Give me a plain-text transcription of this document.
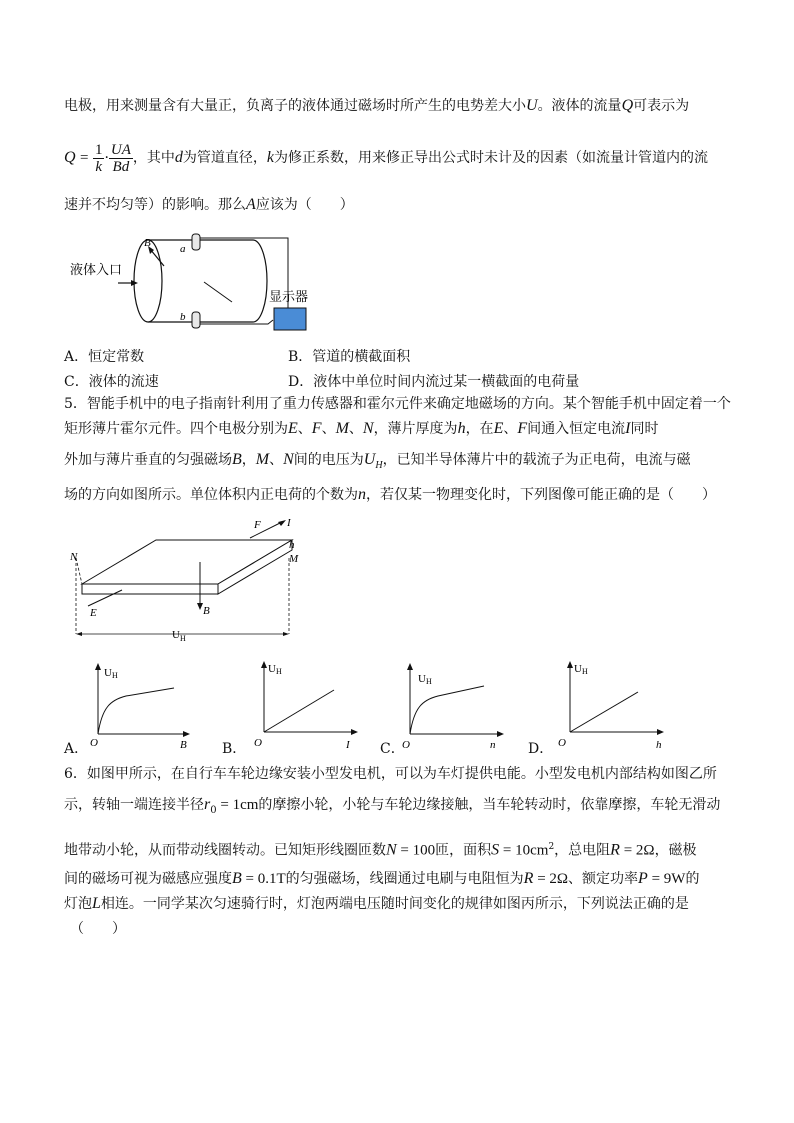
电极，用来测量含有大量正，负离子的液体通过磁场时所产生的电势差大小U。液体的流量Q可表示为
$Q = \frac{1}{k} \cdot \frac{UA}{Bd}$ ，其中d为管道直径，k为修正系数，用来修正导出公式时未计及的因素（如流量计管道内的流
速并不均匀等）的影响。那么A应该为（　　）
液体入口
B	a
b
显示器
A．恒定常数	B．管道的横截面积
C．液体的流速	D．液体中单位时间内流过某一横截面的电荷量
5．智能手机中的电子指南针利用了重力传感器和霍尔元件来确定地磁场的方向。某个智能手机中固定着一个
矩形薄片霍尔元件。四个电极分别为E、F、M、N，薄片厚度为h，在E、F间通入恒定电流I同时
外加与薄片垂直的匀强磁场B，M、N间的电压为$U_H$，已知半导体薄片中的载流子为正电荷，电流与磁
场的方向如图所示。单位体积内正电荷的个数为n，若仅某一物理变化时，下列图像可能正确的是（　　）
F I
h
N	M
E	B
$U_H$
A．
UH
O	B	B．
UH
O	I C．
UH
O	n D．
UH
O	h
6．如图甲所示，在自行车车轮边缘安装小型发电机，可以为车灯提供电能。小型发电机内部结构如图乙所
示，转轴一端连接半径$r_0 = 1cm$的摩擦小轮，小轮与车轮边缘接触，当车轮转动时，依靠摩擦，车轮无滑动
地带动小轮，从而带动线圈转动。已知矩形线圈匝数N = 100匝，面积$S = 10cm^2$，总电阻R = 2Ω，磁极
间的磁场可视为磁感应强度B = 0.1T的匀强磁场，线圈通过电刷与电阻恒为R = 2Ω、额定功率P = 9W的
灯泡L相连。一同学某次匀速骑行时，灯泡两端电压随时间变化的规律如图丙所示，下列说法正确的是
（　　）
